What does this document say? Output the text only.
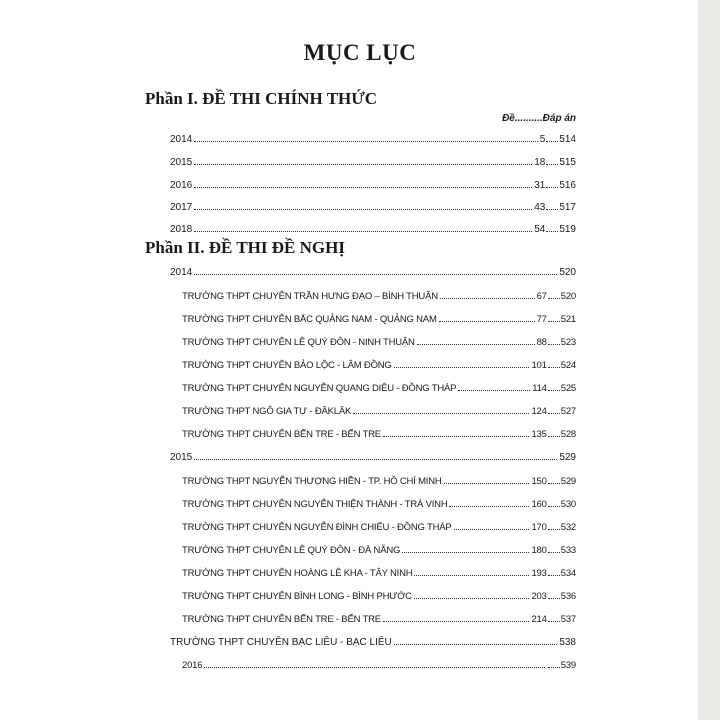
MỤC LỤC
Phần I. ĐỀ THI CHÍNH THỨC
Đề..........Đáp án
2014	5 514
2015	18 515
2016	31 516
2017	43 517
2018	54 519
Phần II. ĐỀ THI ĐỀ NGHỊ
2014	520
TRƯỜNG THPT CHUYÊN TRẦN HƯNG ĐẠO – BÌNH THUẬN	67 520
TRƯỜNG THPT CHUYÊN BẮC QUẢNG NAM - QUẢNG NAM	77 521
TRƯỜNG THPT CHUYÊN LÊ QUÝ ĐÔN - NINH THUẬN	88 523
TRƯỜNG THPT CHUYÊN BẢO LỘC - LÂM ĐỒNG	101 524
TRƯỜNG THPT CHUYÊN NGUYỄN QUANG DIÊU - ĐỒNG THÁP	114 525
TRƯỜNG THPT NGÔ GIA TỰ - ĐĂKLĂK	124 527
TRƯỜNG THPT CHUYÊN BẾN TRE - BẾN TRE	135 528
2015	529
TRƯỜNG THPT NGUYỄN THƯỢNG HIỀN - TP. HỒ CHÍ MINH	150 529
TRƯỜNG THPT CHUYÊN NGUYỄN THIỆN THÀNH - TRÀ VINH	160 530
TRƯỜNG THPT CHUYÊN NGUYỄN ĐÌNH CHIỂU - ĐỒNG THÁP	170 532
TRƯỜNG THPT CHUYÊN LÊ QUÝ ĐÔN - ĐÀ NẴNG	180 533
TRƯỜNG THPT CHUYÊN HOÀNG LÊ KHA - TÂY NINH	193 534
TRƯỜNG THPT CHUYÊN BÌNH LONG - BÌNH PHƯỚC	203 536
TRƯỜNG THPT CHUYÊN BẾN TRE - BẾN TRE	214 537
TRƯỜNG THPT CHUYÊN BẠC LIÊU - BẠC LIÊU	538
2016	539
